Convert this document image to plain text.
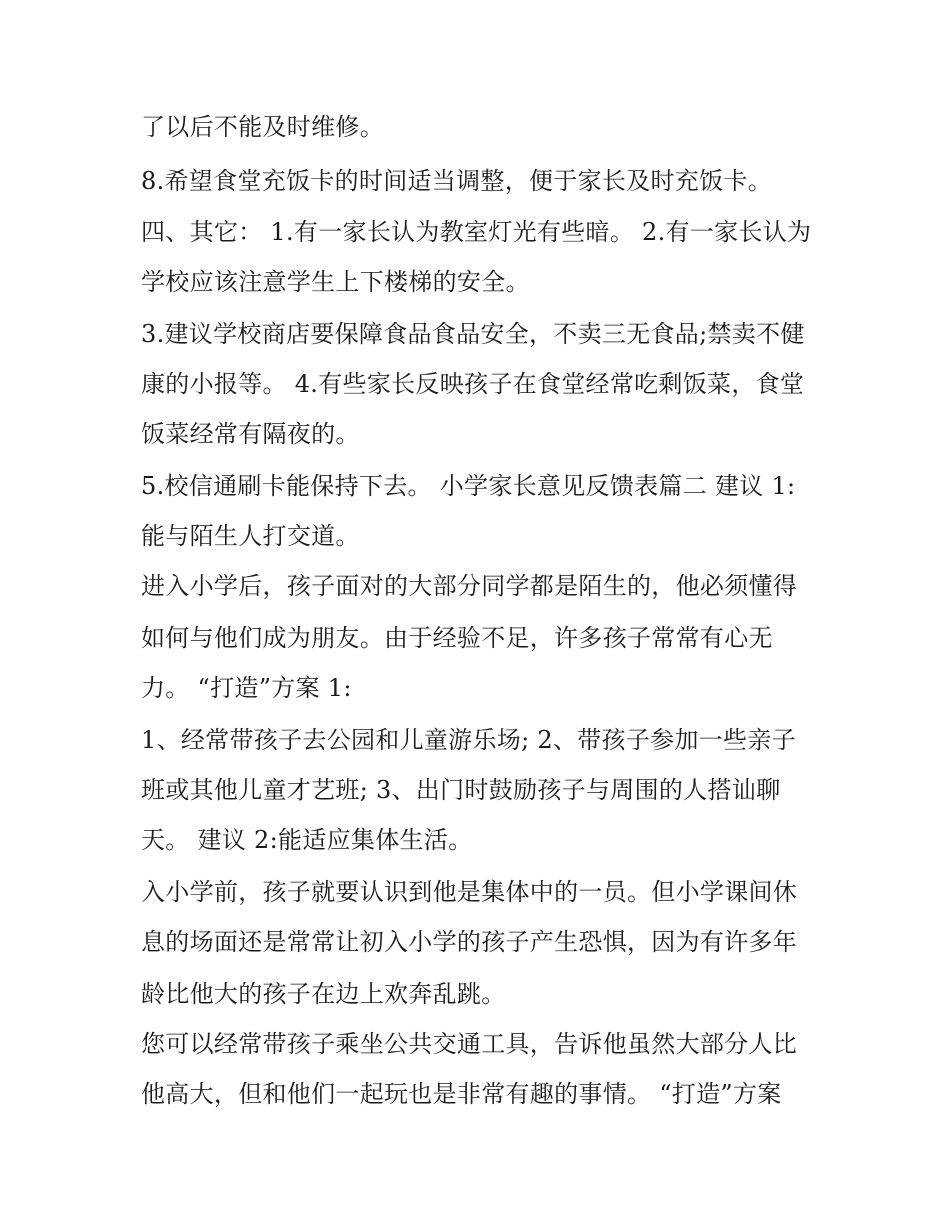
了以后不能及时维修。
8.希望食堂充饭卡的时间适当调整，便于家长及时充饭卡。
四、其它： 1.有一家长认为教室灯光有些暗。 2.有一家长认为
学校应该注意学生上下楼梯的安全。
3.建议学校商店要保障食品食品安全，不卖三无食品;禁卖不健
康的小报等。 4.有些家长反映孩子在食堂经常吃剩饭菜，食堂
饭菜经常有隔夜的。
5.校信通刷卡能保持下去。 小学家长意见反馈表篇二 建议 1:
能与陌生人打交道。
进入小学后，孩子面对的大部分同学都是陌生的，他必须懂得
如何与他们成为朋友。由于经验不足，许多孩子常常有心无
力。 “打造”方案 1:
1、经常带孩子去公园和儿童游乐场; 2、带孩子参加一些亲子
班或其他儿童才艺班; 3、出门时鼓励孩子与周围的人搭讪聊
天。 建议 2:能适应集体生活。
入小学前，孩子就要认识到他是集体中的一员。但小学课间休
息的场面还是常常让初入小学的孩子产生恐惧，因为有许多年
龄比他大的孩子在边上欢奔乱跳。
您可以经常带孩子乘坐公共交通工具，告诉他虽然大部分人比
他高大，但和他们一起玩也是非常有趣的事情。 “打造”方案
